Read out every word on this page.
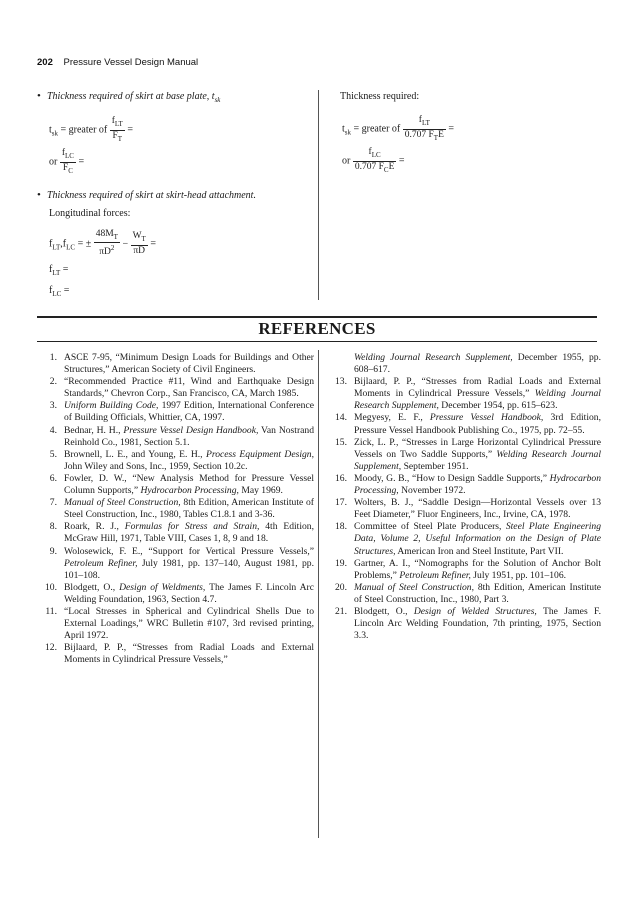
202 Pressure Vessel Design Manual

• Thickness required of skirt at base plate, $t_{sk}$

$t_{sk}$ = greater of $\frac{f_{LT}}{F_T}$ =
or $\frac{f_{LC}}{F_C}$ =

• Thickness required of skirt at skirt-head attachment.

Longitudinal forces:

$f_{LT},f_{LC}$ = ± $\frac{48M_T}{\pi D^2} - \frac{W_T}{\pi D}$ =
$f_{LT}$ =
$f_{LC}$ =

Thickness required:

$t_{sk}$ = greater of $\frac{f_{LT}}{0.707 F_TE}$ =
or $\frac{f_{LC}}{0.707 F_CE}$ =
REFERENCES

1. ASCE 7-95, “Minimum Design Loads for Buildings and Other Structures,” American Society of Civil Engineers.

2. “Recommended Practice #11, Wind and Earthquake Design Standards,” Chevron Corp., San Francisco, CA, March 1985.

3. Uniform Building Code, 1997 Edition, International Conference of Building Officials, Whittier, CA, 1997.

4. Bednar, H. H., Pressure Vessel Design Handbook, Van Nostrand Reinhold Co., 1981, Section 5.1.

5. Brownell, L. E., and Young, E. H., Process Equipment Design, John Wiley and Sons, Inc., 1959, Section 10.2c.

6. Fowler, D. W., “New Analysis Method for Pressure Vessel Column Supports,” Hydrocarbon Processing, May 1969.

7. Manual of Steel Construction, 8th Edition, American Institute of Steel Construction, Inc., 1980, Tables C1.8.1 and 3-36.

8. Roark, R. J., Formulas for Stress and Strain, 4th Edition, McGraw Hill, 1971, Table VIII, Cases 1, 8, 9 and 18.

9. Wolosewick, F. E., “Support for Vertical Pressure Vessels,” Petroleum Refiner, July 1981, pp. 137–140, August 1981, pp. 101–108.

10. Blodgett, O., Design of Weldments, The James F. Lincoln Arc Welding Foundation, 1963, Section 4.7.

11. “Local Stresses in Spherical and Cylindrical Shells Due to External Loadings,” WRC Bulletin #107, 3rd revised printing, April 1972.

12. Bijlaard, P. P., “Stresses from Radial Loads and External Moments in Cylindrical Pressure Vessels,”

Welding Journal Research Supplement, December 1955, pp. 608–617.

13. Bijlaard, P. P., “Stresses from Radial Loads and External Moments in Cylindrical Pressure Vessels,” Welding Journal Research Supplement, December 1954, pp. 615–623.

14. Megyesy, E. F., Pressure Vessel Handbook, 3rd Edition, Pressure Vessel Handbook Publishing Co., 1975, pp. 72–55.

15. Zick, L. P., “Stresses in Large Horizontal Cylindrical Pressure Vessels on Two Saddle Supports,” Welding Research Journal Supplement, September 1951.

16. Moody, G. B., “How to Design Saddle Supports,” Hydrocarbon Processing, November 1972.

17. Wolters, B. J., “Saddle Design—Horizontal Vessels over 13 Feet Diameter,” Fluor Engineers, Inc., Irvine, CA, 1978.

18. Committee of Steel Plate Producers, Steel Plate Engineering Data, Volume 2, Useful Information on the Design of Plate Structures, American Iron and Steel Institute, Part VII.

19. Gartner, A. I., “Nomographs for the Solution of Anchor Bolt Problems,” Petroleum Refiner, July 1951, pp. 101–106.

20. Manual of Steel Construction, 8th Edition, American Institute of Steel Construction, Inc., 1980, Part 3.

21. Blodgett, O., Design of Welded Structures, The James F. Lincoln Arc Welding Foundation, 7th printing, 1975, Section 3.3.
